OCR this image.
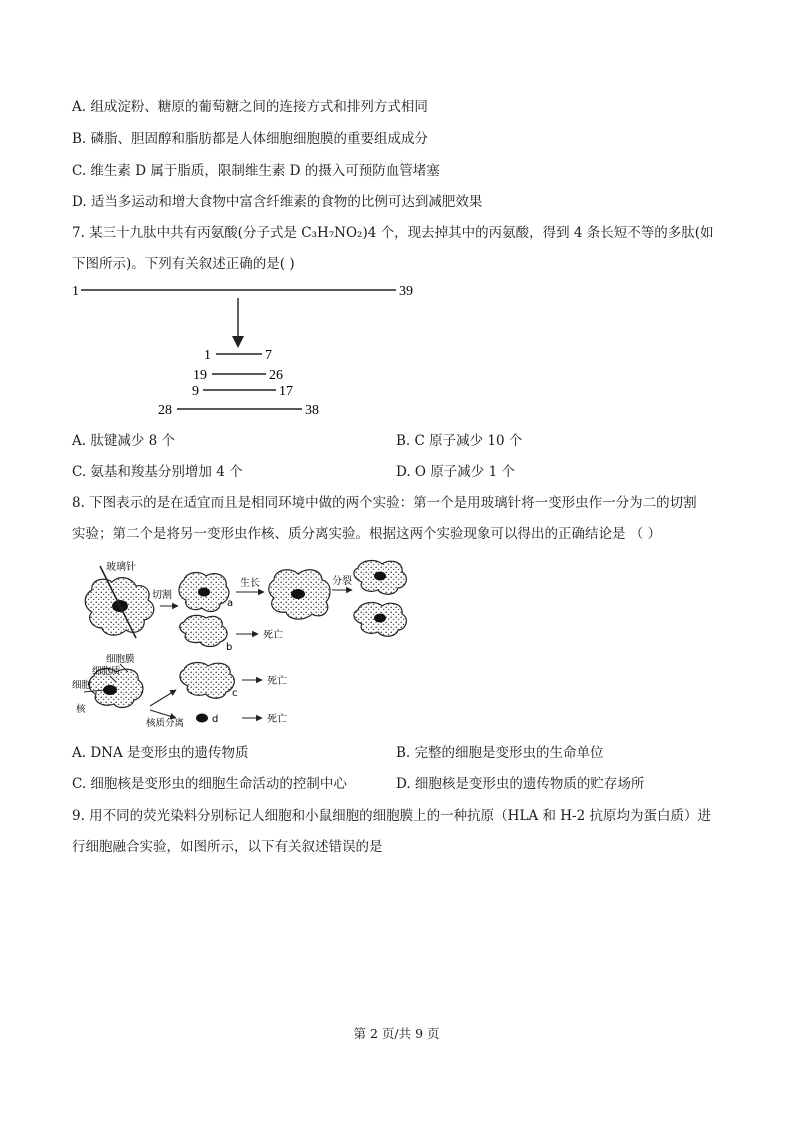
A. 组成淀粉、糖原的葡萄糖之间的连接方式和排列方式相同
B. 磷脂、胆固醇和脂肪都是人体细胞细胞膜的重要组成成分
C. 维生素 D 属于脂质，限制维生素 D 的摄入可预防血管堵塞
D. 适当多运动和增大食物中富含纤维素的食物的比例可达到减肥效果
7. 某三十九肽中共有丙氨酸(分子式是 C₃H₇NO₂)4 个，现去掉其中的丙氨酸，得到 4 条长短不等的多肽(如
下图所示)。下列有关叙述正确的是( )
1	39
1	7
19	26
9	17
28	38
A. 肽键减少 8 个	B. C 原子减少 10 个
C. 氨基和羧基分别增加 4 个	D. O 原子减少 1 个
8. 下图表示的是在适宜而且是相同环境中做的两个实验：第一个是用玻璃针将一变形虫作一分为二的切割
实验；第二个是将另一变形虫作核、质分离实验。根据这两个实验现象可以得出的正确结论是 （ ）
玻璃针
切割
a
生长
b
死亡
分裂
细胞膜
细胞质
细胞
核
核质分离
c
死亡
d	死亡
A. DNA 是变形虫的遗传物质	B. 完整的细胞是变形虫的生命单位
C. 细胞核是变形虫的细胞生命活动的控制中心	D. 细胞核是变形虫的遗传物质的贮存场所
9. 用不同的荧光染料分别标记人细胞和小鼠细胞的细胞膜上的一种抗原（HLA 和 H-2 抗原均为蛋白质）进
行细胞融合实验，如图所示，以下有关叙述错误的是
第 2 页/共 9 页
